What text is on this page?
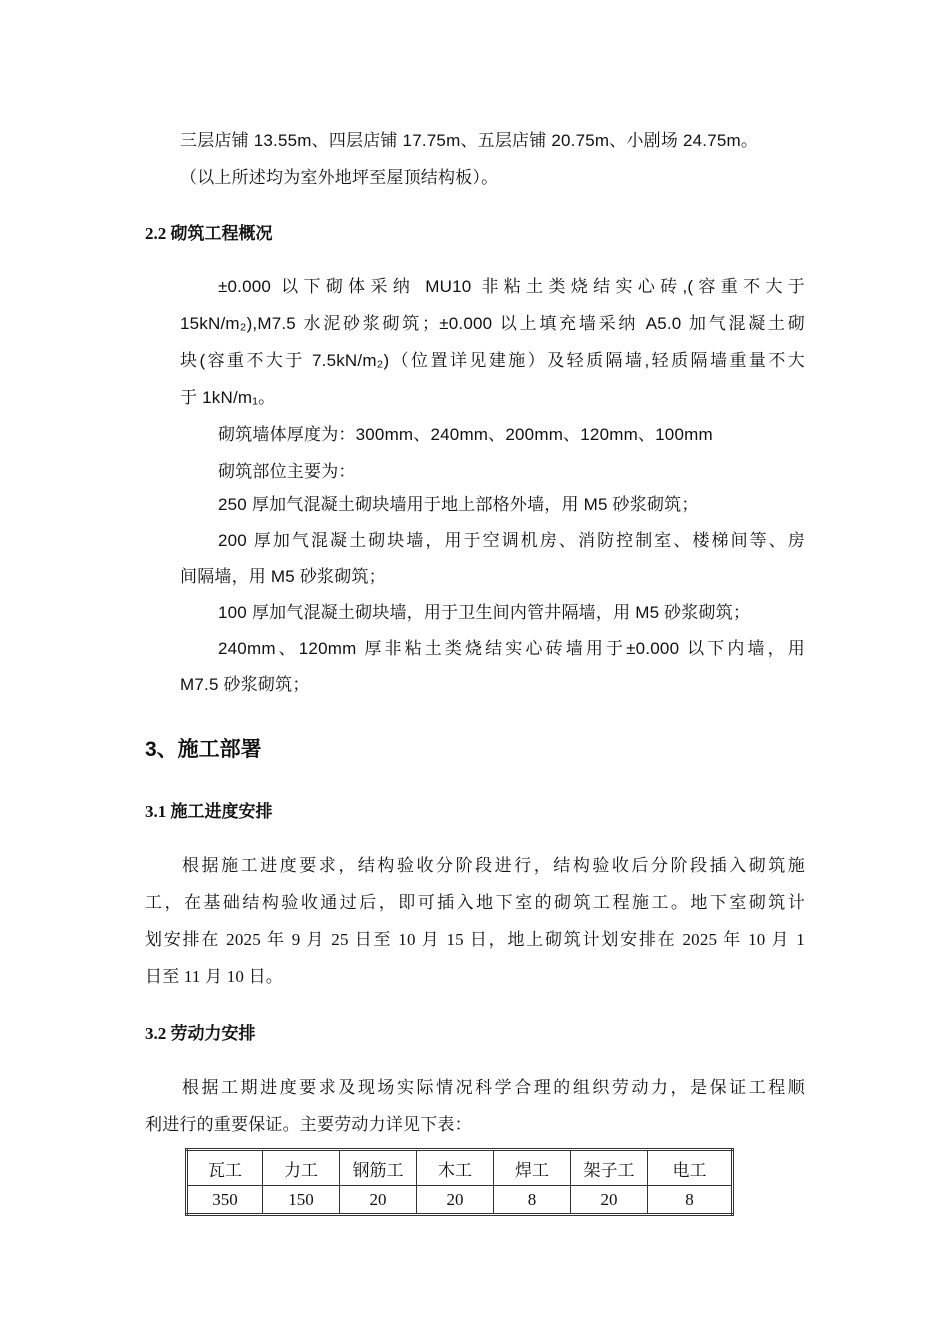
三层店铺 13.55m、四层店铺 17.75m、五层店铺 20.75m、小剧场 24.75m。
（以上所述均为室外地坪至屋顶结构板）。
2.2 砌筑工程概况
±0.000 以下砌体采纳 MU10 非粘土类烧结实心砖,(容重不大于
15kN/m₂),M7.5 水泥砂浆砌筑；±0.000 以上填充墙采纳 A5.0 加气混凝土砌
块(容重不大于 7.5kN/m₂)（位置详见建施）及轻质隔墙,轻质隔墙重量不大
于 1kN/m₁。
砌筑墙体厚度为：300mm、240mm、200mm、120mm、100mm
砌筑部位主要为：
250 厚加气混凝土砌块墙用于地上部格外墙，用 M5 砂浆砌筑；
200 厚加气混凝土砌块墙，用于空调机房、消防控制室、楼梯间等、房
间隔墙，用 M5 砂浆砌筑；
100 厚加气混凝土砌块墙，用于卫生间内管井隔墙，用 M5 砂浆砌筑；
240mm、120mm 厚非粘土类烧结实心砖墙用于±0.000 以下内墙，用
M7.5 砂浆砌筑；
3、施工部署
3.1 施工进度安排
根据施工进度要求，结构验收分阶段进行，结构验收后分阶段插入砌筑施
工，在基础结构验收通过后，即可插入地下室的砌筑工程施工。地下室砌筑计
划安排在 2025 年 9 月 25 日至 10 月 15 日，地上砌筑计划安排在 2025 年 10 月 1
日至 11 月 10 日。
3.2 劳动力安排
根据工期进度要求及现场实际情况科学合理的组织劳动力，是保证工程顺
利进行的重要保证。主要劳动力详见下表：
瓦工	力工	钢筋工	木工	焊工	架子工	电工
350	150	20	20	8	20	8
